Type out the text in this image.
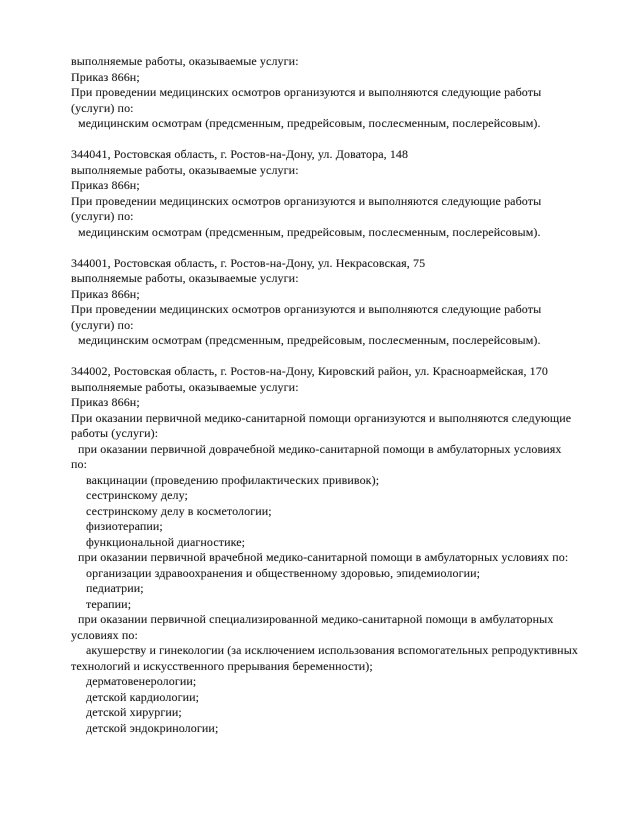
выполняемые работы, оказываемые услуги:
Приказ 866н;
При проведении медицинских осмотров организуются и выполняются следующие работы
(услуги) по:
медицинским осмотрам (предсменным, предрейсовым, послесменным, послерейсовым).
344041, Ростовская область, г. Ростов-на-Дону, ул. Доватора, 148
выполняемые работы, оказываемые услуги:
Приказ 866н;
При проведении медицинских осмотров организуются и выполняются следующие работы
(услуги) по:
медицинским осмотрам (предсменным, предрейсовым, послесменным, послерейсовым).
344001, Ростовская область, г. Ростов-на-Дону, ул. Некрасовская, 75
выполняемые работы, оказываемые услуги:
Приказ 866н;
При проведении медицинских осмотров организуются и выполняются следующие работы
(услуги) по:
медицинским осмотрам (предсменным, предрейсовым, послесменным, послерейсовым).
344002, Ростовская область, г. Ростов-на-Дону, Кировский район, ул. Красноармейская, 170
выполняемые работы, оказываемые услуги:
Приказ 866н;
При оказании первичной медико-санитарной помощи организуются и выполняются следующие
работы (услуги):
при оказании первичной доврачебной медико-санитарной помощи в амбулаторных условиях
по:
вакцинации (проведению профилактических прививок);
сестринскому делу;
сестринскому делу в косметологии;
физиотерапии;
функциональной диагностике;
при оказании первичной врачебной медико-санитарной помощи в амбулаторных условиях по:
организации здравоохранения и общественному здоровью, эпидемиологии;
педиатрии;
терапии;
при оказании первичной специализированной медико-санитарной помощи в амбулаторных
условиях по:
акушерству и гинекологии (за исключением использования вспомогательных репродуктивных
технологий и искусственного прерывания беременности);
дерматовенерологии;
детской кардиологии;
детской хирургии;
детской эндокринологии;
